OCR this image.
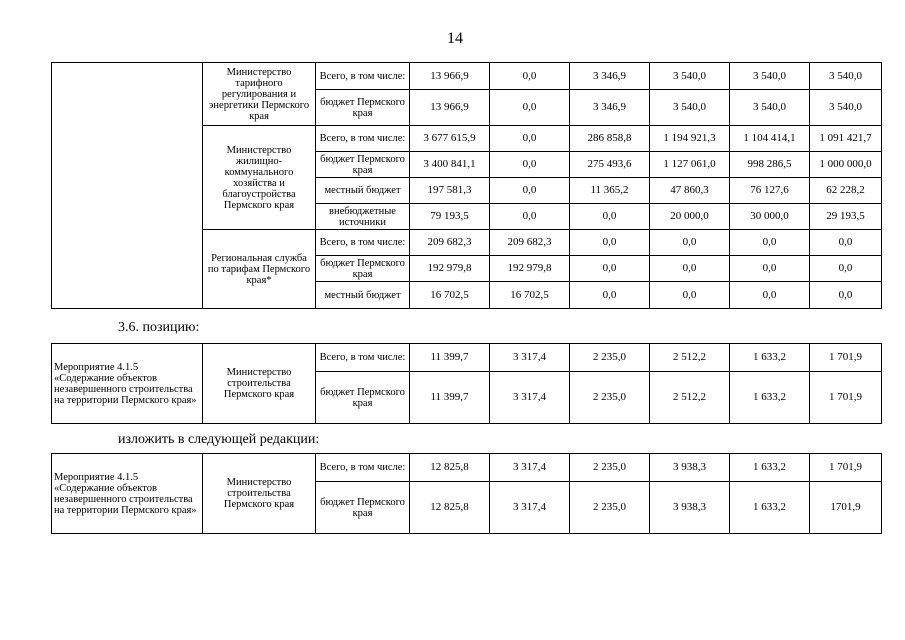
14
	Министерство тарифного регулирования и энергетики Пермского края	Всего, в том числе:	13 966,9	0,0	3 346,9	3 540,0	3 540,0	3 540,0
		бюджет Пермского края	13 966,9	0,0	3 346,9	3 540,0	3 540,0	3 540,0
	Министерство жилищно-коммунального хозяйства и благоустройства Пермского края	Всего, в том числе:	3 677 615,9	0,0	286 858,8	1 194 921,3	1 104 414,1	1 091 421,7
		бюджет Пермского края	3 400 841,1	0,0	275 493,6	1 127 061,0	998 286,5	1 000 000,0
		местный бюджет	197 581,3	0,0	11 365,2	47 860,3	76 127,6	62 228,2
		внебюджетные источники	79 193,5	0,0	0,0	20 000,0	30 000,0	29 193,5
	Региональная служба по тарифам Пермского края*	Всего, в том числе:	209 682,3	209 682,3	0,0	0,0	0,0	0,0
		бюджет Пермского края	192 979,8	192 979,8	0,0	0,0	0,0	0,0
		местный бюджет	16 702,5	16 702,5	0,0	0,0	0,0	0,0
3.6. позицию:
Мероприятие 4.1.5 «Содержание объектов незавершенного строительства на территории Пермского края»	Министерство строительства Пермского края	Всего, в том числе:	11 399,7	3 317,4	2 235,0	2 512,2	1 633,2	1 701,9
		бюджет Пермского края	11 399,7	3 317,4	2 235,0	2 512,2	1 633,2	1 701,9
изложить в следующей редакции:
Мероприятие 4.1.5 «Содержание объектов незавершенного строительства на территории Пермского края»	Министерство строительства Пермского края	Всего, в том числе:	12 825,8	3 317,4	2 235,0	3 938,3	1 633,2	1 701,9
		бюджет Пермского края	12 825,8	3 317,4	2 235,0	3 938,3	1 633,2	1701,9
